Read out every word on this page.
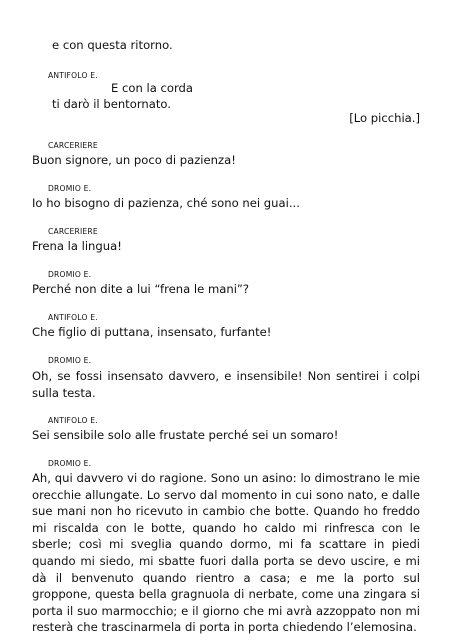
e con questa ritorno.
ANTIFOLO E.
E con la corda
ti darò il bentornato.
[Lo picchia.]
CARCERIERE
Buon signore, un poco di pazienza!
DROMIO E.
Io ho bisogno di pazienza, ché sono nei guai...
CARCERIERE
Frena la lingua!
DROMIO E.
Perché non dite a lui “frena le mani”?
ANTIFOLO E.
Che figlio di puttana, insensato, furfante!
DROMIO E.
Oh, se fossi insensato davvero, e insensibile! Non sentirei i colpi sulla testa.
ANTIFOLO E.
Sei sensibile solo alle frustate perché sei un somaro!
DROMIO E.
Ah, qui davvero vi do ragione. Sono un asino: lo dimostrano le mie orecchie allungate. Lo servo dal momento in cui sono nato, e dalle sue mani non ho ricevuto in cambio che botte. Quando ho freddo mi riscalda con le botte, quando ho caldo mi rinfresca con le sberle; così mi sveglia quando dormo, mi fa scattare in piedi quando mi siedo, mi sbatte fuori dalla porta se devo uscire, e mi dà il benvenuto quando rientro a casa; e me la porto sul groppone, questa bella gragnuola di nerbate, come una zingara si porta il suo marmocchio; e il giorno che mi avrà azzoppato non mi resterà che trascinarmela di porta in porta chiedendo l’elemosina.
